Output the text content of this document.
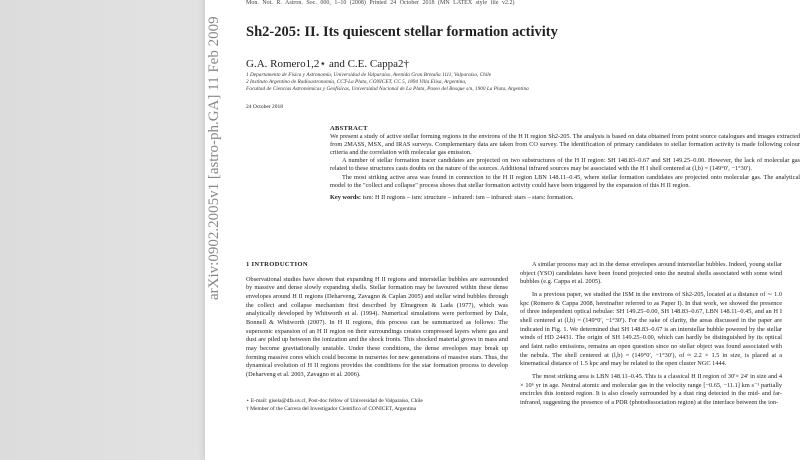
Mon. Not. R. Astron. Soc. 000, 1–10 (2008) Printed 24 October 2018 (MN LATEX style file v2.2)
arXiv:0902.2005v1 [astro-ph.GA] 11 Feb 2009 Sh2-205: II. Its quiescent stellar formation activity
G.A. Romero1,2⋆ and C.E. Cappa2†
1 Departamento de Física y Astronomía, Universidad de Valparaíso, Avenida Gran Bretaña 1111, Valparaíso, Chile
2 Instituto Argentino de Radioastronomía, CCT-La Plata, CONICET, CC 5, 1894 Villa Elisa, Argentina,
Facultad de Ciencias Astronómicas y Geofísicas, Universidad Nacional de La Plata, Paseo del Bosque s/n, 1900 La Plata, Argentina
24 October 2018
ABSTRACT

We present a study of active stellar forming regions in the environs of the H II region Sh2-205. The analysis is based on data obtained from point source catalogues and images extracted from 2MASS, MSX, and IRAS surveys. Complementary data are taken from CO survey. The identification of primary candidates to stellar formation activity is made following colour criteria and the correlation with molecular gas emission.

A number of stellar formation tracer candidates are projected on two substructures of the H II region: SH 148.83–0.67 and SH 149.25–0.00. However, the lack of molecular gas related to these structures casts doubts on the nature of the sources. Additional infrared sources may be associated with the H I shell centered at (l,b) = (149°0′, −1°30′).

The most striking active area was found in connection to the H II region LBN 148.11–0.45, where stellar formation candidates are projected onto molecular gas. The analytical model to the "collect and collapse" process shows that stellar formation activity could have been triggered by the expansion of this H II region.

Key words: ism: H II regions – ism: structure – infrared: ism – infrared: stars – stars: formation.

1 INTRODUCTION

Observational studies have shown that expanding H II regions and interstellar bubbles are surrounded by massive and dense slowly expanding shells. Stellar formation may be favoured within these dense envelopes around H II regions (Deharveng, Zavagno & Caplan 2005) and stellar wind bubbles through the collect and collapse mechanism first described by Elmegreen & Lada (1977), which was analytically developed by Whitworth et al. (1994). Numerical simulations were performed by Dale, Bonnell & Whitworth (2007). In H II regions, this process can be summarized as follows: The supersonic expansion of an H II region on their surroundings creates compressed layers where gas and dust are piled up between the ionization and the shock fronts. This shocked material grows in mass and may become gravitationally unstable. Under these conditions, the dense envelopes may break up forming massive cores which could become in nurseries for new generations of massive stars. Thus, the dynamical evolution of H II regions provides the conditions for the star formation process to develop (Deharveng et al. 2003, Zavagno et al. 2006).

A similar process may act in the dense envelopes around interstellar bubbles. Indeed, young stellar object (YSO) candidates have been found projected onto the neutral shells associated with some wind bubbles (e.g. Cappa et al. 2005).

In a previous paper, we studied the ISM in the environs of Sh2-205, located at a distance of ∼ 1.0 kpc (Romero & Cappa 2008, hereinafter referred to as Paper I). In that work, we showed the presence of three independent optical nebulae: SH 149.25–0.00, SH 148.83–0.67, LBN 148.11–0.45, and an H I shell centered at (l,b) = (149°0′, −1°30′). For the sake of clarity, the areas discussed in the paper are indicated in Fig. 1. We determined that SH 148.83–0.67 is an interstellar bubble powered by the stellar winds of HD 24431. The origin of SH 149.25–0.00, which can hardly be distinguished by its optical and faint radio emissions, remains an open question since no stellar object was found associated with the nebula. The shell centered at (l,b) = (149°0′, −1°30′), of ≈ 2.2 × 1.5 in size, is placed at a kinematical distance of 1.5 kpc and may be related to the open cluster NGC 1444.

The most striking area is LBN 148.11–0.45. This is a classical H II region of 30′× 24′ in size and 4 × 10⁶ yr in age. Neutral atomic and molecular gas in the velocity range [−0.65, −11.1] km s⁻¹ partially encircles this ionized region. It is also closely surrounded by a dust ring detected in the mid- and far-infrared, suggesting the presence of a PDR (photodissociation region) at the interface between the ion-

⋆ E-mail: gisela@dfa.uv.cl, Post-doc fellow of Universidad de Valparaíso, Chile

† Member of the Carrera del Investigador Científico of CONICET, Argentina
